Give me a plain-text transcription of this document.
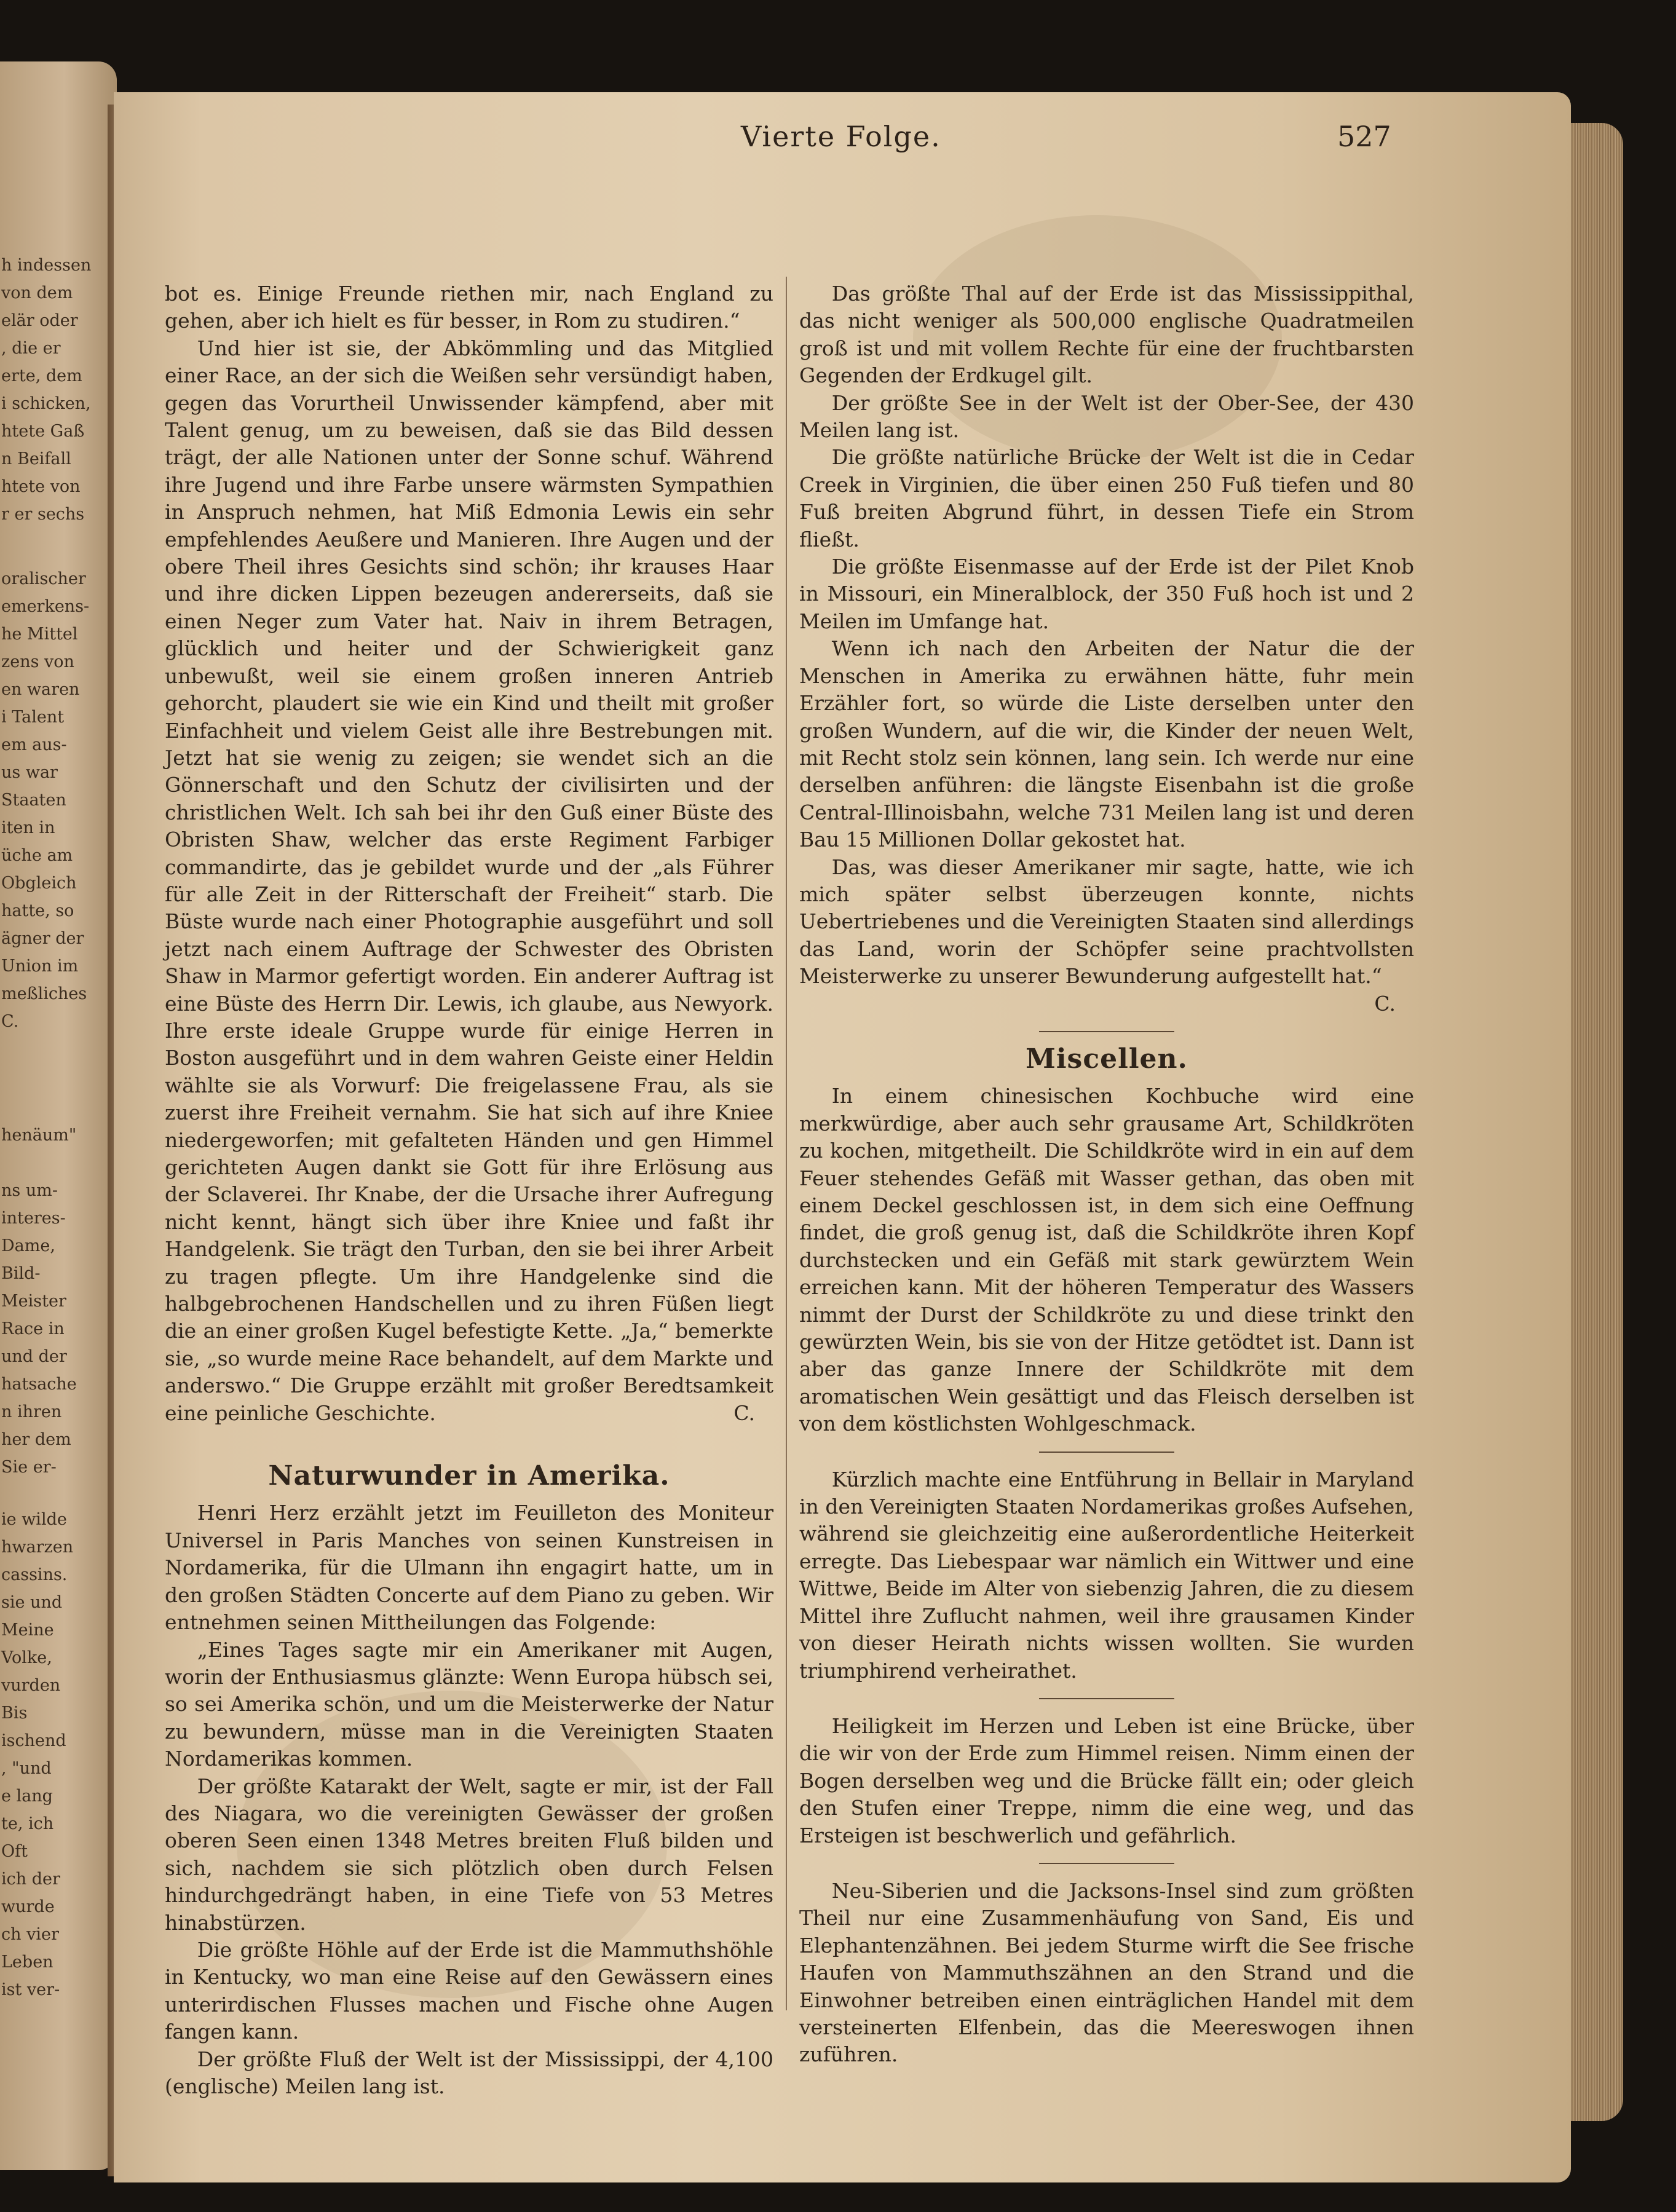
h indessen
von dem
elär oder
, die er
erte, dem
i schicken,
htete Gaß
n Beifall
htete von
r er sechs
oralischer
emerkens-
he Mittel
zens von
en waren
i Talent
em aus-
us war
Staaten
iten in
üche am
Obgleich
hatte, so
ägner der
Union im
meßliches
C.
henäum"
ns um-
interes-
Dame,
Bild-
Meister
Race in
und der
hatsache
n ihren
her dem
Sie er-
ie wilde
hwarzen
cassins.
sie und
Meine
Volke,
vurden
Bis
ischend
, "und
e lang
te, ich
Oft
ich der
wurde
ch vier
Leben
ist ver-
Vierte Folge.	527

bot es. Einige Freunde riethen mir, nach England zu gehen, aber ich hielt es für besser, in Rom zu studiren.“

Und hier ist sie, der Abkömmling und das Mitglied einer Race, an der sich die Weißen sehr versündigt haben, gegen das Vorurtheil Unwissender kämpfend, aber mit Talent genug, um zu beweisen, daß sie das Bild dessen trägt, der alle Nationen unter der Sonne schuf. Während ihre Jugend und ihre Farbe unsere wärmsten Sympathien in Anspruch nehmen, hat Miß Edmonia Lewis ein sehr empfehlendes Aeußere und Manieren. Ihre Augen und der obere Theil ihres Gesichts sind schön; ihr krauses Haar und ihre dicken Lippen bezeugen andererseits, daß sie einen Neger zum Vater hat. Naiv in ihrem Betragen, glücklich und heiter und der Schwierigkeit ganz unbewußt, weil sie einem großen inneren Antrieb gehorcht, plaudert sie wie ein Kind und theilt mit großer Einfachheit und vielem Geist alle ihre Bestrebungen mit. Jetzt hat sie wenig zu zeigen; sie wendet sich an die Gönnerschaft und den Schutz der civilisirten und der christlichen Welt. Ich sah bei ihr den Guß einer Büste des Obristen Shaw, welcher das erste Regiment Farbiger commandirte, das je gebildet wurde und der „als Führer für alle Zeit in der Ritterschaft der Freiheit“ starb. Die Büste wurde nach einer Photographie ausgeführt und soll jetzt nach einem Auftrage der Schwester des Obristen Shaw in Marmor gefertigt worden. Ein anderer Auftrag ist eine Büste des Herrn Dir. Lewis, ich glaube, aus Newyork. Ihre erste ideale Gruppe wurde für einige Herren in Boston ausgeführt und in dem wahren Geiste einer Heldin wählte sie als Vorwurf: Die freigelassene Frau, als sie zuerst ihre Freiheit vernahm. Sie hat sich auf ihre Kniee niedergeworfen; mit gefalteten Händen und gen Himmel gerichteten Augen dankt sie Gott für ihre Erlösung aus der Sclaverei. Ihr Knabe, der die Ursache ihrer Aufregung nicht kennt, hängt sich über ihre Kniee und faßt ihr Handgelenk. Sie trägt den Turban, den sie bei ihrer Arbeit zu tragen pflegte. Um ihre Handgelenke sind die halbgebrochenen Handschellen und zu ihren Füßen liegt die an einer großen Kugel befestigte Kette. „Ja,“ bemerkte sie, „so wurde meine Race behandelt, auf dem Markte und anderswo.“ Die Gruppe erzählt mit großer Beredtsamkeit eine peinliche Geschichte.	C.

Naturwunder in Amerika.

Henri Herz erzählt jetzt im Feuilleton des Moniteur Universel in Paris Manches von seinen Kunstreisen in Nordamerika, für die Ulmann ihn engagirt hatte, um in den großen Städten Concerte auf dem Piano zu geben. Wir entnehmen seinen Mittheilungen das Folgende:

„Eines Tages sagte mir ein Amerikaner mit Augen, worin der Enthusiasmus glänzte: Wenn Europa hübsch sei, so sei Amerika schön, und um die Meisterwerke der Natur zu bewundern, müsse man in die Vereinigten Staaten Nordamerikas kommen.

Der größte Katarakt der Welt, sagte er mir, ist der Fall des Niagara, wo die vereinigten Gewässer der großen oberen Seen einen 1348 Metres breiten Fluß bilden und sich, nachdem sie sich plötzlich oben durch Felsen hindurchgedrängt haben, in eine Tiefe von 53 Metres hinabstürzen.

Die größte Höhle auf der Erde ist die Mammuthshöhle in Kentucky, wo man eine Reise auf den Gewässern eines unterirdischen Flusses machen und Fische ohne Augen fangen kann.

Der größte Fluß der Welt ist der Mississippi, der 4,100 (englische) Meilen lang ist.

Das größte Thal auf der Erde ist das Mississippithal, das nicht weniger als 500,000 englische Quadratmeilen groß ist und mit vollem Rechte für eine der fruchtbarsten Gegenden der Erdkugel gilt.

Der größte See in der Welt ist der Ober-See, der 430 Meilen lang ist.

Die größte natürliche Brücke der Welt ist die in Cedar Creek in Virginien, die über einen 250 Fuß tiefen und 80 Fuß breiten Abgrund führt, in dessen Tiefe ein Strom fließt.

Die größte Eisenmasse auf der Erde ist der Pilet Knob in Missouri, ein Mineralblock, der 350 Fuß hoch ist und 2 Meilen im Umfange hat.

Wenn ich nach den Arbeiten der Natur die der Menschen in Amerika zu erwähnen hätte, fuhr mein Erzähler fort, so würde die Liste derselben unter den großen Wundern, auf die wir, die Kinder der neuen Welt, mit Recht stolz sein können, lang sein. Ich werde nur eine derselben anführen: die längste Eisenbahn ist die große Central-Illinoisbahn, welche 731 Meilen lang ist und deren Bau 15 Millionen Dollar gekostet hat.

Das, was dieser Amerikaner mir sagte, hatte, wie ich mich später selbst überzeugen konnte, nichts Uebertriebenes und die Vereinigten Staaten sind allerdings das Land, worin der Schöpfer seine prachtvollsten Meisterwerke zu unserer Bewunderung aufgestellt hat.“
C.

Miscellen.

In einem chinesischen Kochbuche wird eine merkwürdige, aber auch sehr grausame Art, Schildkröten zu kochen, mitgetheilt. Die Schildkröte wird in ein auf dem Feuer stehendes Gefäß mit Wasser gethan, das oben mit einem Deckel geschlossen ist, in dem sich eine Oeffnung findet, die groß genug ist, daß die Schildkröte ihren Kopf durchstecken und ein Gefäß mit stark gewürztem Wein erreichen kann. Mit der höheren Temperatur des Wassers nimmt der Durst der Schildkröte zu und diese trinkt den gewürzten Wein, bis sie von der Hitze getödtet ist. Dann ist aber das ganze Innere der Schildkröte mit dem aromatischen Wein gesättigt und das Fleisch derselben ist von dem köstlichsten Wohlgeschmack.

Kürzlich machte eine Entführung in Bellair in Maryland in den Vereinigten Staaten Nordamerikas großes Aufsehen, während sie gleichzeitig eine außerordentliche Heiterkeit erregte. Das Liebespaar war nämlich ein Wittwer und eine Wittwe, Beide im Alter von siebenzig Jahren, die zu diesem Mittel ihre Zuflucht nahmen, weil ihre grausamen Kinder von dieser Heirath nichts wissen wollten. Sie wurden triumphirend verheirathet.

Heiligkeit im Herzen und Leben ist eine Brücke, über die wir von der Erde zum Himmel reisen. Nimm einen der Bogen derselben weg und die Brücke fällt ein; oder gleich den Stufen einer Treppe, nimm die eine weg, und das Ersteigen ist beschwerlich und gefährlich.

Neu-Siberien und die Jacksons-Insel sind zum größten Theil nur eine Zusammenhäufung von Sand, Eis und Elephantenzähnen. Bei jedem Sturme wirft die See frische Haufen von Mammuthszähnen an den Strand und die Einwohner betreiben einen einträglichen Handel mit dem versteinerten Elfenbein, das die Meereswogen ihnen zuführen.
